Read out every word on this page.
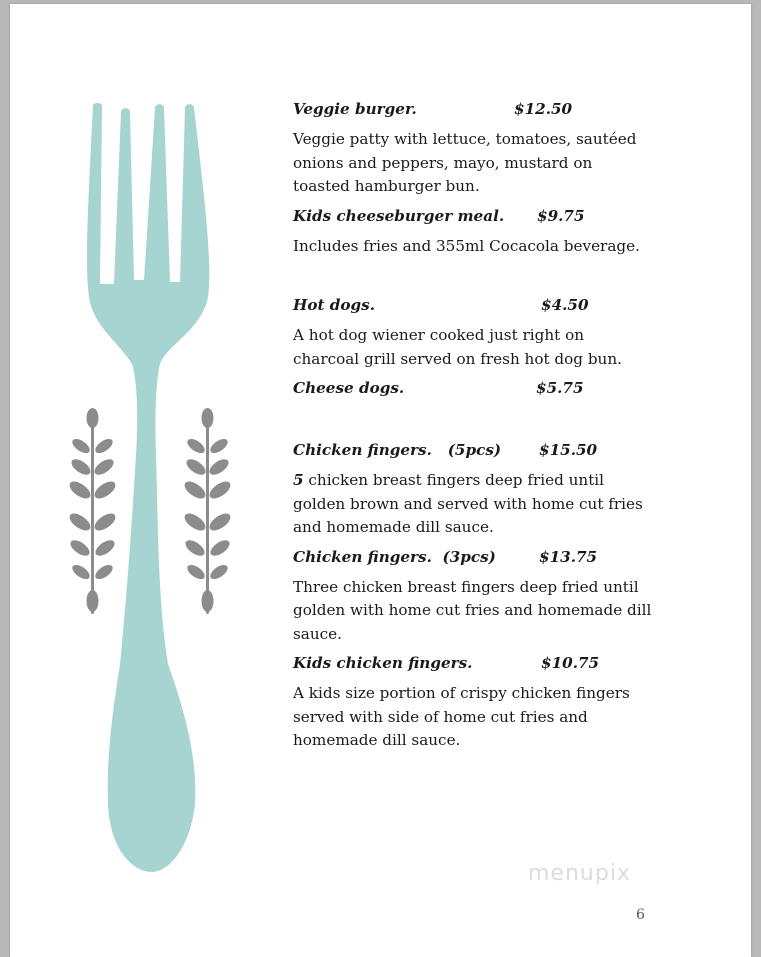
Veggie burger.	$12.50
Veggie patty with lettuce, tomatoes, sautéed onions and peppers, mayo, mustard on toasted hamburger bun.
Kids cheeseburger meal. $9.75
Includes fries and 355ml Cocacola beverage.
Hot dogs.	$4.50
A hot dog wiener cooked just right on charcoal grill served on fresh hot dog bun.
Cheese dogs.	$5.75
Chicken fingers.   (5pcs) $15.50
5 chicken breast fingers deep fried until golden brown and served with home cut fries and homemade dill sauce.
Chicken fingers.  (3pcs)	$13.75
Three chicken breast fingers deep fried until golden with home cut fries and homemade dill sauce.
Kids chicken fingers.	$10.75
A kids size portion of crispy chicken fingers served with side of home cut fries and homemade dill sauce.
menupix
6
